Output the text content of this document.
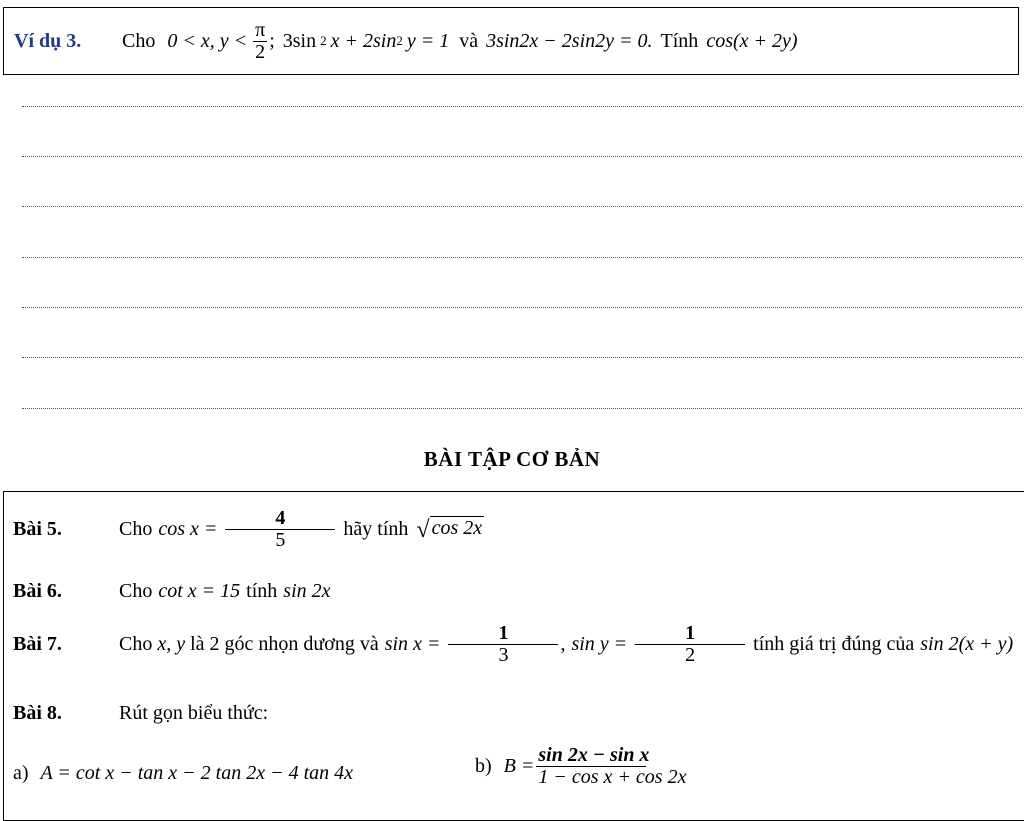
Ví dụ 3.	Cho 0 < x, $y < \frac{\pi}{2}$ ; 3sin 2 x + 2sin 2 y = 1 và 3sin2x − 2sin2y = 0. Tính cos(x + 2y)
BÀI TẬP CƠ BẢN
Bài 5.	Cho $\cos x = \frac{4}{5}$ hãy tính √ cos 2x
Bài 6.	Cho cot x = 15 tính sin 2x
Bài 7.	Cho x, y là 2 góc nhọn dương và $\sin x = \frac{1}{3}$ , $\sin y = \frac{1}{2}$ tính giá trị đúng của sin 2(x + y)
Bài 8.	Rút gọn biểu thức:
a) A = cot x − tan x − 2 tan 2x − 4 tan 4x	b) $B = \frac{\text{sin 2x − sin x}}{\text{1 − cos x + cos 2x}}$
